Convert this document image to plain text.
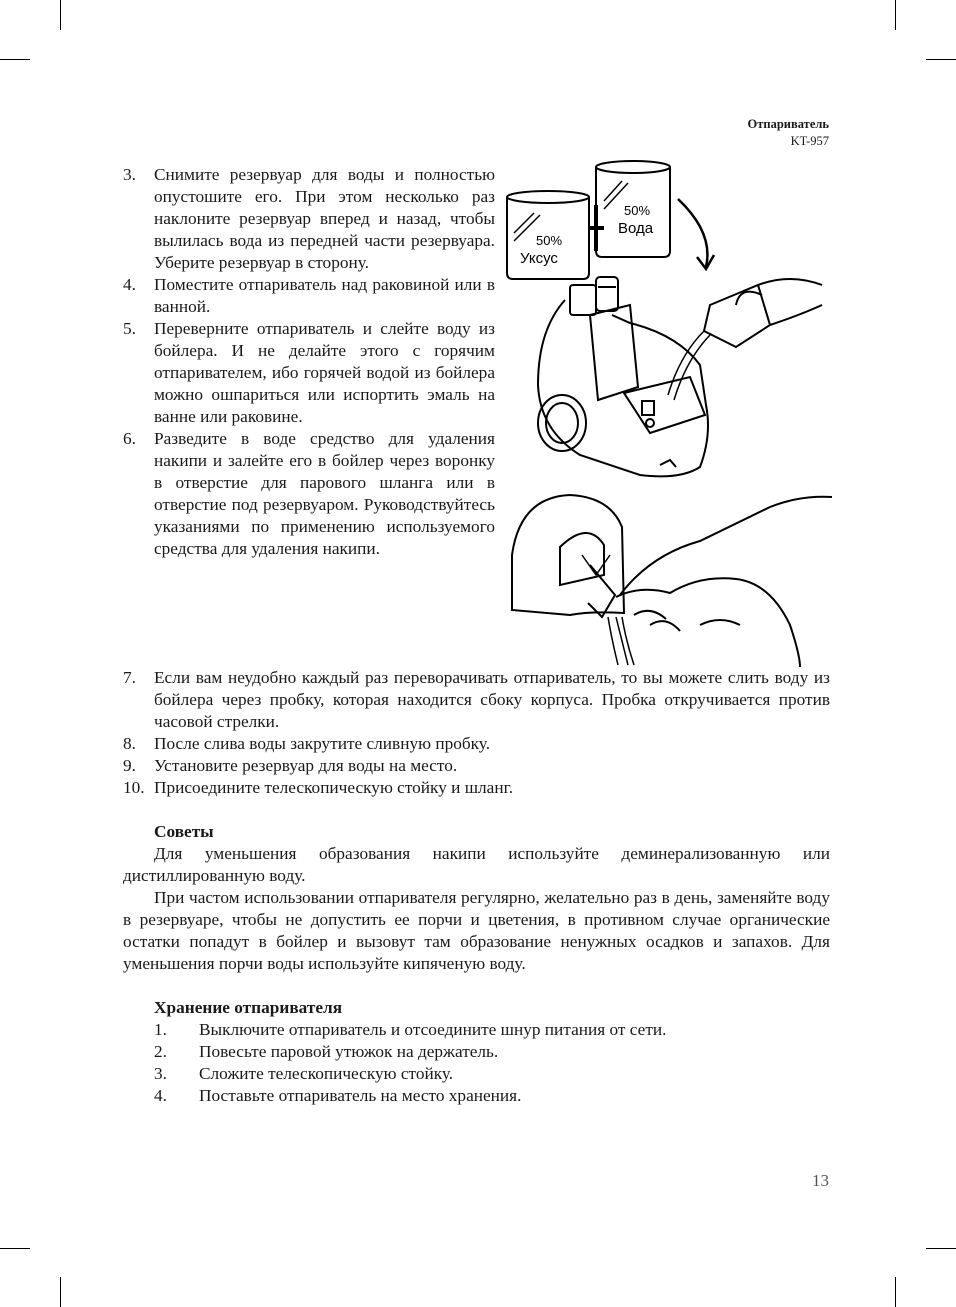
Отпариватель
KT-957
3. Снимите резервуар для воды и полностью опустошите его. При этом несколько раз наклоните резервуар вперед и назад, чтобы вылилась вода из передней части резервуара. Уберите резервуар в сторону.
4. Поместите отпариватель над раковиной или в ванной.
5. Переверните отпариватель и слейте воду из бойлера. И не делайте этого с горячим отпаривателем, ибо горячей водой из бойлера можно ошпариться или испортить эмаль на ванне или раковине.
6. Разведите в воде средство для удаления накипи и залейте его в бойлер через воронку в отверстие для парового шланга или в отверстие под резервуаром. Руководствуйтесь указаниями по применению используемого средства для удаления накипи.
50%
Уксус
50%
Вода
7. Если вам неудобно каждый раз переворачивать отпариватель, то вы можете слить воду из бойлера через пробку, которая находится сбоку корпуса. Пробка откручивается против часовой стрелки.
8. После слива воды закрутите сливную пробку.
9. Установите резервуар для воды на место.
10. Присоедините телескопическую стойку и шланг.
Советы

Для уменьшения образования накипи используйте деминерализованную или дистиллированную воду.

При частом использовании отпаривателя регулярно, желательно раз в день, заменяйте воду в резервуаре, чтобы не допустить ее порчи и цветения, в противном случае органические остатки попадут в бойлер и вызовут там образование ненужных осадков и запахов. Для уменьшения порчи воды используйте кипяченую воду.

Хранение отпаривателя
1. Выключите отпариватель и отсоедините шнур питания от сети.
2. Повесьте паровой утюжок на держатель.
3. Сложите телескопическую стойку.
4. Поставьте отпариватель на место хранения.
13
